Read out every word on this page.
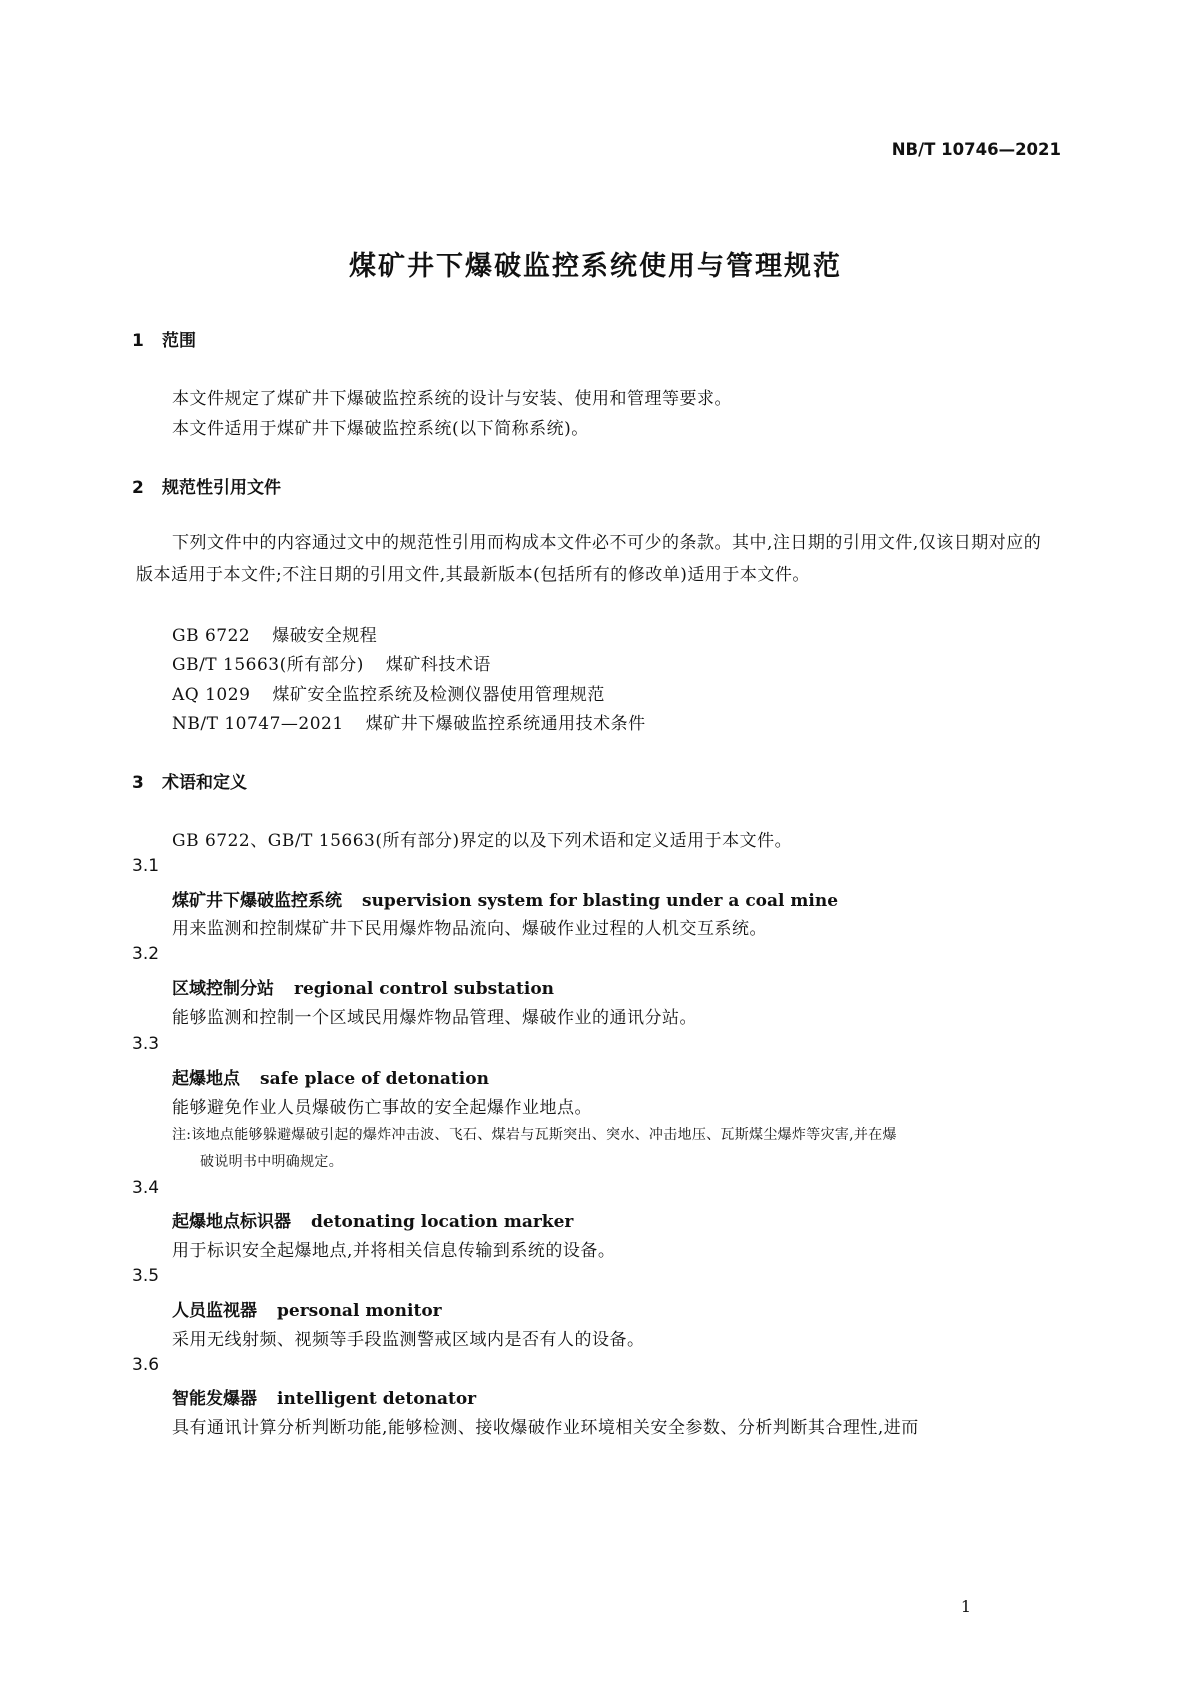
NB/T 10746—2021
煤矿井下爆破监控系统使用与管理规范
1 范围
本文件规定了煤矿井下爆破监控系统的设计与安装、使用和管理等要求。
本文件适用于煤矿井下爆破监控系统(以下简称系统)。
2 规范性引用文件
下列文件中的内容通过文中的规范性引用而构成本文件必不可少的条款。其中,注日期的引用文件,仅该日期对应的版本适用于本文件;不注日期的引用文件,其最新版本(包括所有的修改单)适用于本文件。
GB 6722 爆破安全规程
GB/T 15663(所有部分) 煤矿科技术语
AQ 1029 煤矿安全监控系统及检测仪器使用管理规范
NB/T 10747—2021 煤矿井下爆破监控系统通用技术条件
3 术语和定义
GB 6722、GB/T 15663(所有部分)界定的以及下列术语和定义适用于本文件。
3.1
煤矿井下爆破监控系统 supervision system for blasting under a coal mine
用来监测和控制煤矿井下民用爆炸物品流向、爆破作业过程的人机交互系统。
3.2
区域控制分站 regional control substation
能够监测和控制一个区域民用爆炸物品管理、爆破作业的通讯分站。
3.3
起爆地点 safe place of detonation
能够避免作业人员爆破伤亡事故的安全起爆作业地点。
注:该地点能够躲避爆破引起的爆炸冲击波、飞石、煤岩与瓦斯突出、突水、冲击地压、瓦斯煤尘爆炸等灾害,并在爆
破说明书中明确规定。
3.4
起爆地点标识器 detonating location marker
用于标识安全起爆地点,并将相关信息传输到系统的设备。
3.5
人员监视器 personal monitor
采用无线射频、视频等手段监测警戒区域内是否有人的设备。
3.6
智能发爆器 intelligent detonator
具有通讯计算分析判断功能,能够检测、接收爆破作业环境相关安全参数、分析判断其合理性,进而
1
